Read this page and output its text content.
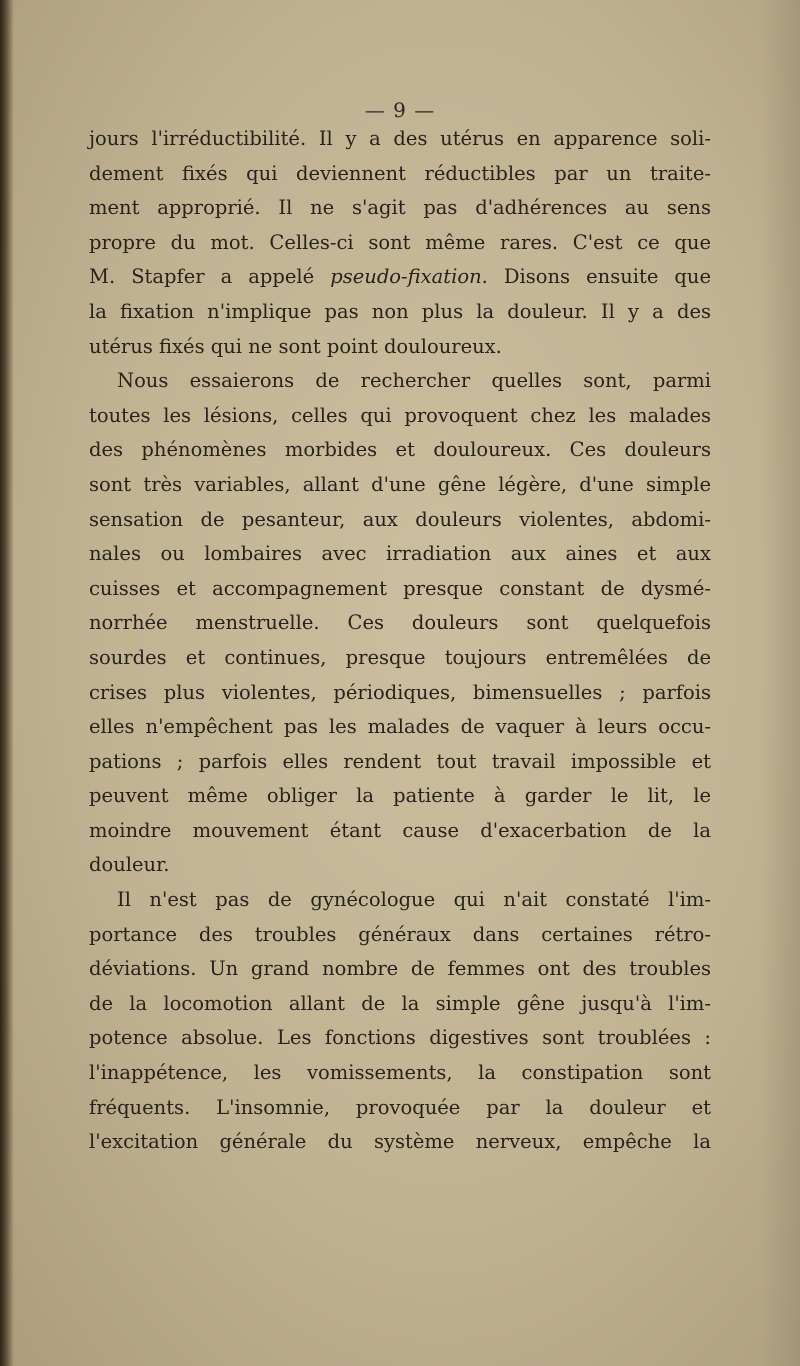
— 9 —
jours l'irréductibilité. Il y a des utérus en apparence soli-
dement fixés qui deviennent réductibles par un traite-
ment approprié. Il ne s'agit pas d'adhérences au sens
propre du mot. Celles-ci sont même rares. C'est ce que
M. Stapfer a appelé pseudo-fixation. Disons ensuite que
la fixation n'implique pas non plus la douleur. Il y a des
utérus fixés qui ne sont point douloureux.
Nous essaierons de rechercher quelles sont, parmi
toutes les lésions, celles qui provoquent chez les malades
des phénomènes morbides et douloureux. Ces douleurs
sont très variables, allant d'une gêne légère, d'une simple
sensation de pesanteur, aux douleurs violentes, abdomi-
nales ou lombaires avec irradiation aux aines et aux
cuisses et accompagnement presque constant de dysmé-
norrhée menstruelle. Ces douleurs sont quelquefois
sourdes et continues, presque toujours entremêlées de
crises plus violentes, périodiques, bimensuelles ; parfois
elles n'empêchent pas les malades de vaquer à leurs occu-
pations ; parfois elles rendent tout travail impossible et
peuvent même obliger la patiente à garder le lit, le
moindre mouvement étant cause d'exacerbation de la
douleur.
Il n'est pas de gynécologue qui n'ait constaté l'im-
portance des troubles généraux dans certaines rétro-
déviations. Un grand nombre de femmes ont des troubles
de la locomotion allant de la simple gêne jusqu'à l'im-
potence absolue. Les fonctions digestives sont troublées :
l'inappétence, les vomissements, la constipation sont
fréquents. L'insomnie, provoquée par la douleur et
l'excitation générale du système nerveux, empêche la
